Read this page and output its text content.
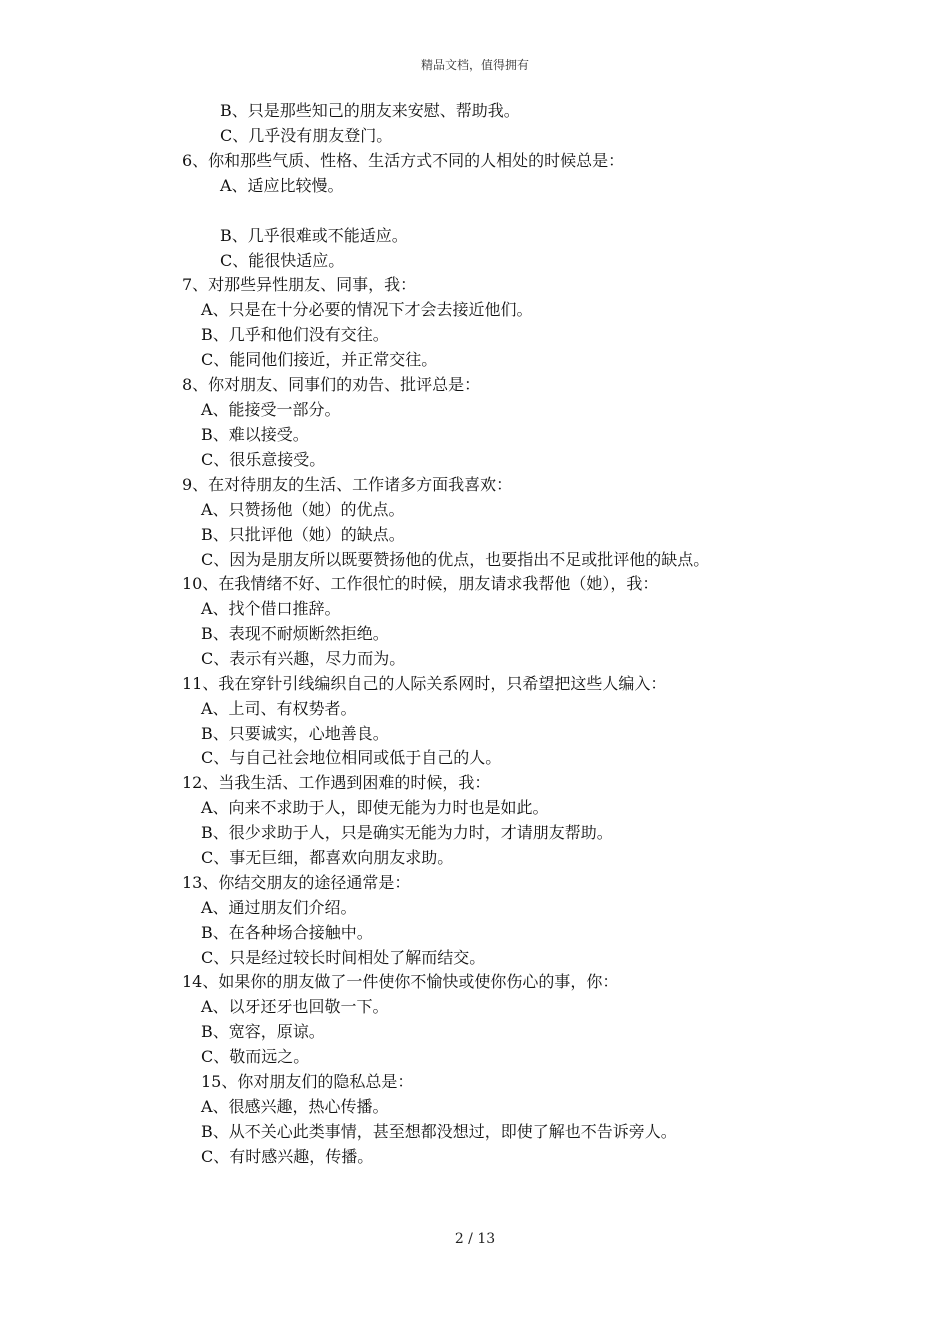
精品文档，值得拥有
B、只是那些知己的朋友来安慰、帮助我。
C、几乎没有朋友登门。
6、你和那些气质、性格、生活方式不同的人相处的时候总是：
A、适应比较慢。
B、几乎很难或不能适应。
C、能很快适应。
7、对那些异性朋友、同事，我：
A、只是在十分必要的情况下才会去接近他们。
B、几乎和他们没有交往。
C、能同他们接近，并正常交往。
8、你对朋友、同事们的劝告、批评总是：
A、能接受一部分。
B、难以接受。
C、很乐意接受。
9、在对待朋友的生活、工作诸多方面我喜欢：
A、只赞扬他（她）的优点。
B、只批评他（她）的缺点。
C、因为是朋友所以既要赞扬他的优点，也要指出不足或批评他的缺点。
10、在我情绪不好、工作很忙的时候，朋友请求我帮他（她），我：
A、找个借口推辞。
B、表现不耐烦断然拒绝。
C、表示有兴趣，尽力而为。
11、我在穿针引线编织自己的人际关系网时，只希望把这些人编入：
A、上司、有权势者。
B、只要诚实，心地善良。
C、与自己社会地位相同或低于自己的人。
12、当我生活、工作遇到困难的时候，我：
A、向来不求助于人，即使无能为力时也是如此。
B、很少求助于人，只是确实无能为力时，才请朋友帮助。
C、事无巨细，都喜欢向朋友求助。
13、你结交朋友的途径通常是：
A、通过朋友们介绍。
B、在各种场合接触中。
C、只是经过较长时间相处了解而结交。
14、如果你的朋友做了一件使你不愉快或使你伤心的事，你：
A、以牙还牙也回敬一下。
B、宽容，原谅。
C、敬而远之。
15、你对朋友们的隐私总是：
A、很感兴趣，热心传播。
B、从不关心此类事情，甚至想都没想过，即使了解也不告诉旁人。
C、有时感兴趣，传播。
2 / 13
